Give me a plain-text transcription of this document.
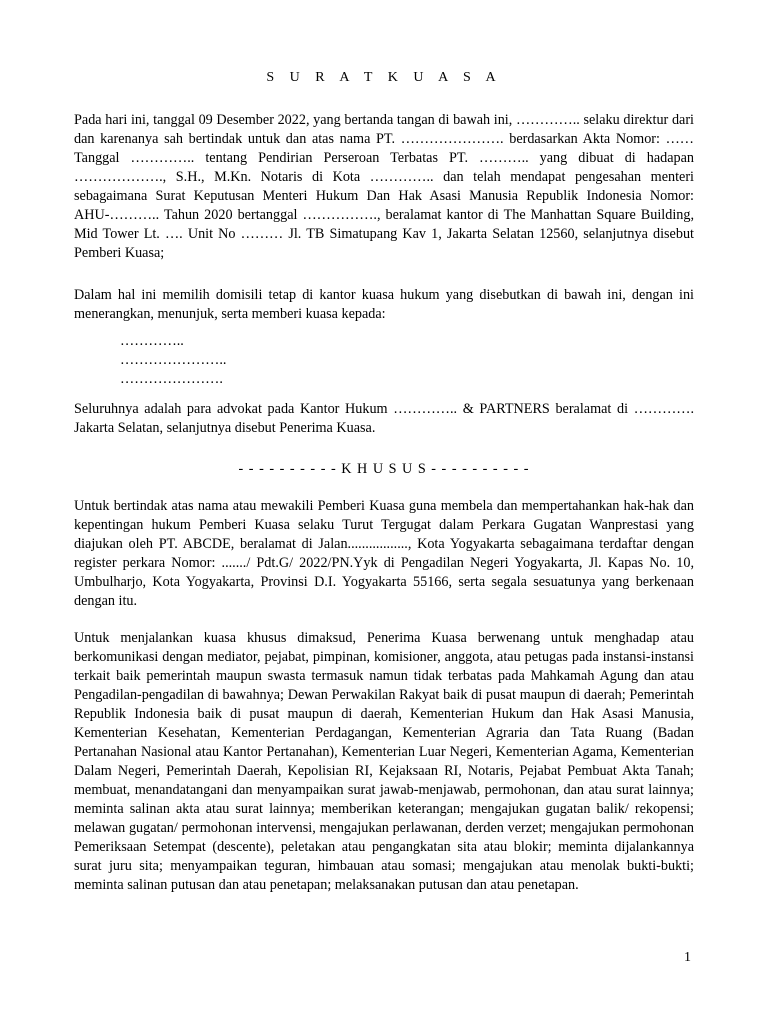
S U R A T K U A S A

Pada hari ini, tanggal 09 Desember 2022, yang bertanda tangan di bawah ini, ………….. selaku direktur dari dan karenanya sah bertindak untuk dan atas nama PT. …………………. berdasarkan Akta Nomor: …… Tanggal ………….. tentang Pendirian Perseroan Terbatas PT. ……….. yang dibuat di hadapan ………………., S.H., M.Kn. Notaris di Kota ………….. dan telah mendapat pengesahan menteri sebagaimana Surat Keputusan Menteri Hukum Dan Hak Asasi Manusia Republik Indonesia Nomor: AHU-……….. Tahun 2020 bertanggal ……………., beralamat kantor di The Manhattan Square Building, Mid Tower Lt. …. Unit No ……… Jl. TB Simatupang Kav 1, Jakarta Selatan 12560, selanjutnya disebut Pemberi Kuasa;

Dalam hal ini memilih domisili tetap di kantor kuasa hukum yang disebutkan di bawah ini, dengan ini menerangkan, menunjuk, serta memberi kuasa kepada:

…………..
…………………..
………………….

Seluruhnya adalah para advokat pada Kantor Hukum ………….. & PARTNERS beralamat di …………. Jakarta Selatan, selanjutnya disebut Penerima Kuasa.

- - - - - - - - - - K H U S U S - - - - - - - - - -

Untuk bertindak atas nama atau mewakili Pemberi Kuasa guna membela dan mempertahankan hak-hak dan kepentingan hukum Pemberi Kuasa selaku Turut Tergugat dalam Perkara Gugatan Wanprestasi yang diajukan oleh PT. ABCDE, beralamat di Jalan................., Kota Yogyakarta sebagaimana terdaftar dengan register perkara Nomor: ......./ Pdt.G/ 2022/PN.Yyk di Pengadilan Negeri Yogyakarta, Jl. Kapas No. 10, Umbulharjo, Kota Yogyakarta, Provinsi D.I. Yogyakarta 55166, serta segala sesuatunya yang berkenaan dengan itu.

Untuk menjalankan kuasa khusus dimaksud, Penerima Kuasa berwenang untuk menghadap atau berkomunikasi dengan mediator, pejabat, pimpinan, komisioner, anggota, atau petugas pada instansi-instansi terkait baik pemerintah maupun swasta termasuk namun tidak terbatas pada Mahkamah Agung dan atau Pengadilan-pengadilan di bawahnya; Dewan Perwakilan Rakyat baik di pusat maupun di daerah; Pemerintah Republik Indonesia baik di pusat maupun di daerah, Kementerian Hukum dan Hak Asasi Manusia, Kementerian Kesehatan, Kementerian Perdagangan, Kementerian Agraria dan Tata Ruang (Badan Pertanahan Nasional atau Kantor Pertanahan), Kementerian Luar Negeri, Kementerian Agama, Kementerian Dalam Negeri, Pemerintah Daerah, Kepolisian RI, Kejaksaan RI, Notaris, Pejabat Pembuat Akta Tanah; membuat, menandatangani dan menyampaikan surat jawab-menjawab, permohonan, dan atau surat lainnya; meminta salinan akta atau surat lainnya; memberikan keterangan; mengajukan gugatan balik/ rekopensi; melawan gugatan/ permohonan intervensi, mengajukan perlawanan, derden verzet; mengajukan permohonan Pemeriksaan Setempat (descente), peletakan atau pengangkatan sita atau blokir; meminta dijalankannya surat juru sita; menyampaikan teguran, himbauan atau somasi; mengajukan atau menolak bukti-bukti; meminta salinan putusan dan atau penetapan; melaksanakan putusan dan atau penetapan.

1
